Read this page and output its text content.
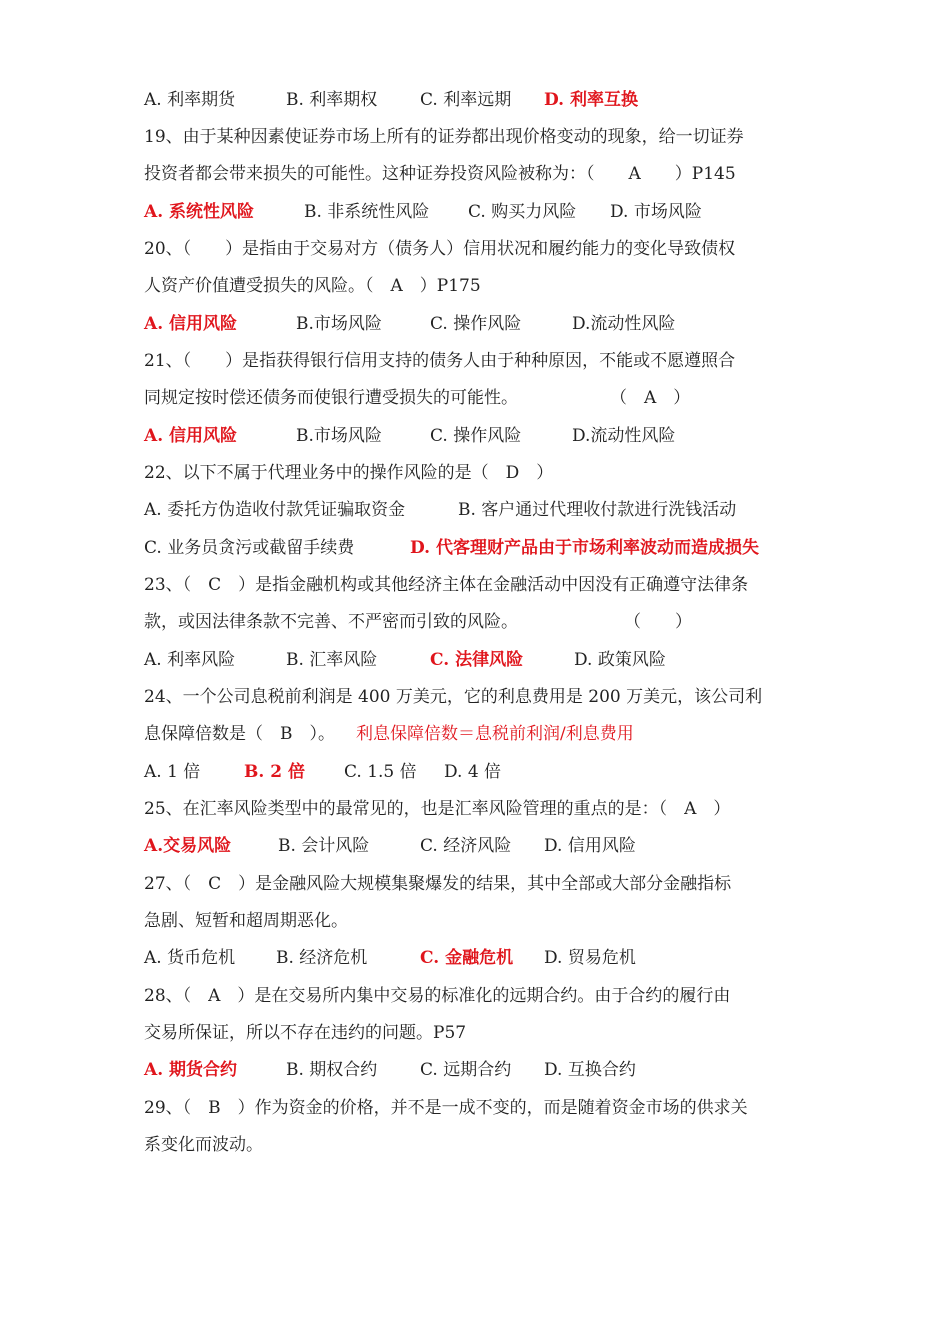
A. 利率期货	B. 利率期权	C. 利率远期 D. 利率互换
19、由于某种因素使证券市场上所有的证券都出现价格变动的现象，给一切证券
投资者都会带来损失的可能性。这种证券投资风险被称为：（　　A　　）P145
A. 系统性风险	B. 非系统性风险 C. 购买力风险 D. 市场风险
20、（　　）是指由于交易对方（债务人）信用状况和履约能力的变化导致债权
人资产价值遭受损失的风险。（　A　）P175
A. 信用风险	B.市场风险	C. 操作风险	D.流动性风险
21、（　　）是指获得银行信用支持的债务人由于种种原因，不能或不愿遵照合
同规定按时偿还债务而使银行遭受损失的可能性。	（　A　）
A. 信用风险	B.市场风险	C. 操作风险	D.流动性风险
22、以下不属于代理业务中的操作风险的是（　D　）
A. 委托方伪造收付款凭证骗取资金	B. 客户通过代理收付款进行洗钱活动
C. 业务员贪污或截留手续费	D. 代客理财产品由于市场利率波动而造成损失
23、（　C　）是指金融机构或其他经济主体在金融活动中因没有正确遵守法律条
款，或因法律条款不完善、不严密而引致的风险。	（　　）
A. 利率风险	B. 汇率风险	C. 法律风险	D. 政策风险
24、一个公司息税前利润是 400 万美元，它的利息费用是 200 万美元，该公司利
息保障倍数是（　B　）。 利息保障倍数＝息税前利润/利息费用
A. 1 倍	B. 2 倍 C. 1.5 倍 D. 4 倍
25、在汇率风险类型中的最常见的，也是汇率风险管理的重点的是：（　A　）
A.交易风险	B. 会计风险	C. 经济风险 D. 信用风险
27、（　C　）是金融风险大规模集聚爆发的结果，其中全部或大部分金融指标
急剧、短暂和超周期恶化。
A. 货币危机 B. 经济危机	C. 金融危机 D. 贸易危机
28、（　A　）是在交易所内集中交易的标准化的远期合约。由于合约的履行由
交易所保证，所以不存在违约的问题。P57
A. 期货合约	B. 期权合约	C. 远期合约 D. 互换合约
29、（　B　）作为资金的价格，并不是一成不变的，而是随着资金市场的供求关
系变化而波动。
